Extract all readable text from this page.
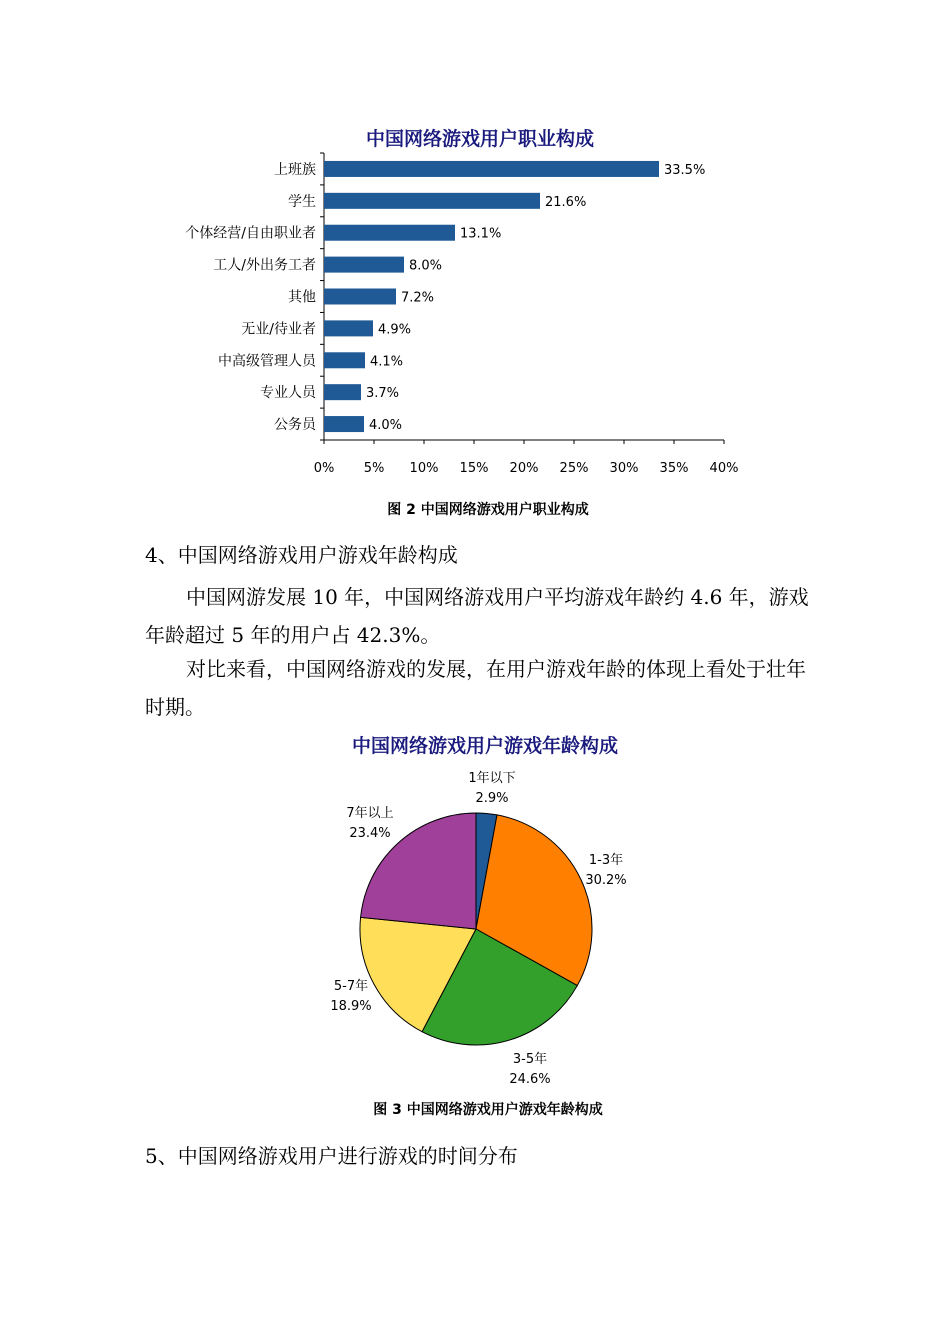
中国网络游戏用户职业构成
上班族	33.5%
学生	21.6%
个体经营/自由职业者	13.1%
工人/外出务工者	8.0%
其他	7.2%
无业/待业者	4.9%
中高级管理人员	4.1%
专业人员	3.7%
公务员	4.0%
0% 5% 10% 15% 20% 25% 30% 35% 40%
图 2 中国网络游戏用户职业构成
4、中国网络游戏用户游戏年龄构成

中国网游发展 10 年，中国网络游戏用户平均游戏年龄约 4.6 年，游戏年龄超过 5 年的用户占 42.3%。

对比来看，中国网络游戏的发展，在用户游戏年龄的体现上看处于壮年时期。

中国网络游戏用户游戏年龄构成
1年以下
2.9%
1-3年
30.2%
3-5年
24.6%
5-7年
18.9%
7年以上
23.4%
图 3 中国网络游戏用户游戏年龄构成
5、中国网络游戏用户进行游戏的时间分布
